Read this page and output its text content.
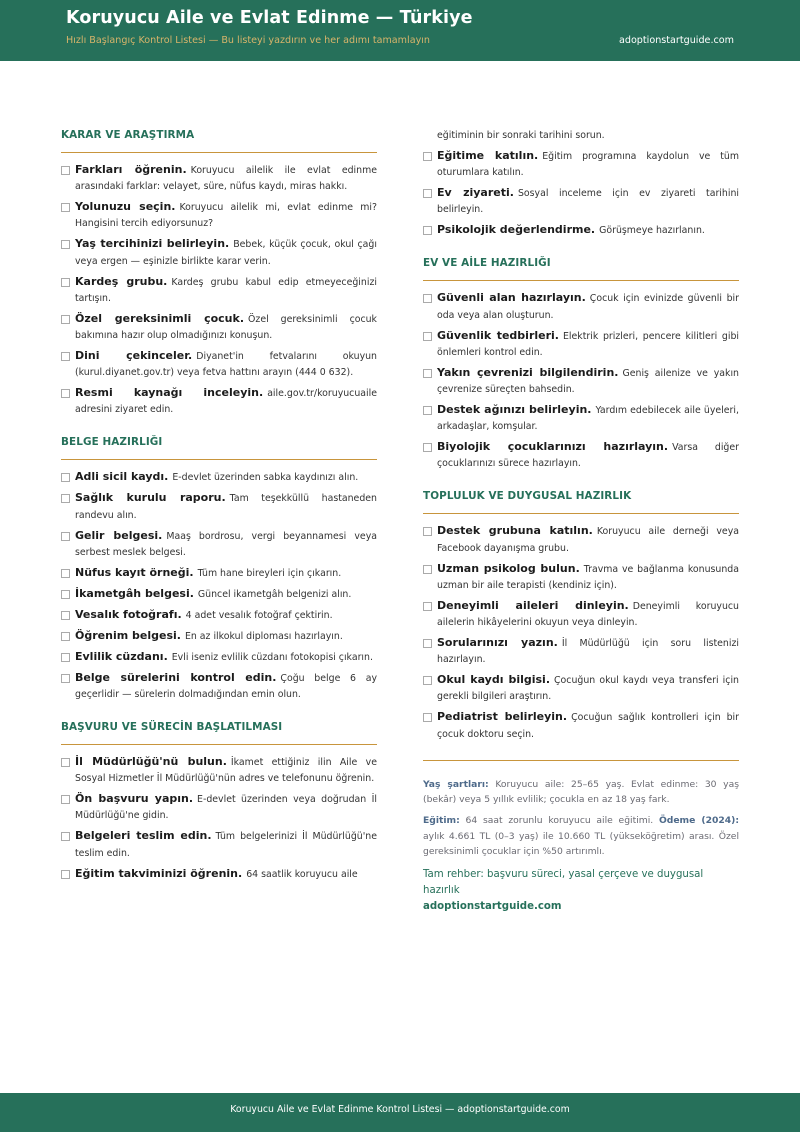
Koruyucu Aile ve Evlat Edinme — Türkiye
Hızlı Başlangıç Kontrol Listesi — Bu listeyi yazdırın ve her adımı tamamlayın	adoptionstartguide.com
KARAR VE ARAŞTIRMA
Farkları öğrenin. Koruyucu ailelik ile evlat edinme arasındaki farklar: velayet, süre, nüfus kaydı, miras hakkı.
Yolunuzu seçin. Koruyucu ailelik mi, evlat edinme mi? Hangisini tercih ediyorsunuz?
Yaş tercihinizi belirleyin. Bebek, küçük çocuk, okul çağı veya ergen — eşinizle birlikte karar verin.
Kardeş grubu. Kardeş grubu kabul edip etmeyeceğinizi tartışın.
Özel gereksinimli çocuk. Özel gereksinimli çocuk bakımına hazır olup olmadığınızı konuşun.
Dini çekinceler. Diyanet'in fetvalarını okuyun (kurul.diyanet.gov.tr) veya fetva hattını arayın (444 0 632).
Resmi kaynağı inceleyin. aile.gov.tr/koruyucuaile adresini ziyaret edin.
BELGE HAZIRLIĞI
Adli sicil kaydı. E-devlet üzerinden sabka kaydınızı alın.
Sağlık kurulu raporu. Tam teşekküllü hastaneden randevu alın.
Gelir belgesi. Maaş bordrosu, vergi beyannamesi veya serbest meslek belgesi.
Nüfus kayıt örneği. Tüm hane bireyleri için çıkarın.
İkametgâh belgesi. Güncel ikametgâh belgenizi alın.
Vesalık fotoğrafı. 4 adet vesalık fotoğraf çektirin.
Öğrenim belgesi. En az ilkokul diploması hazırlayın.
Evlilik cüzdanı. Evli iseniz evlilik cüzdanı fotokopisi çıkarın.
Belge sürelerini kontrol edin. Çoğu belge 6 ay geçerlidir — sürelerin dolmadığından emin olun.
BAŞVURU VE SÜRECİN BAŞLATILMASI
İl Müdürlüğü'nü bulun. İkamet ettiğiniz ilin Aile ve Sosyal Hizmetler İl Müdürlüğü'nün adres ve telefonunu öğrenin.
Ön başvuru yapın. E-devlet üzerinden veya doğrudan İl Müdürlüğü'ne gidin.
Belgeleri teslim edin. Tüm belgelerinizi İl Müdürlüğü'ne teslim edin.
Eğitim takviminizi öğrenin. 64 saatlik koruyucu aile
eğitiminin bir sonraki tarihini sorun.
Eğitime katılın. Eğitim programına kaydolun ve tüm oturumlara katılın.
Ev ziyareti. Sosyal inceleme için ev ziyareti tarihini belirleyin.
Psikolojik değerlendirme. Görüşmeye hazırlanın.
EV VE AİLE HAZIRLIĞI
Güvenli alan hazırlayın. Çocuk için evinizde güvenli bir oda veya alan oluşturun.
Güvenlik tedbirleri. Elektrik prizleri, pencere kilitleri gibi önlemleri kontrol edin.
Yakın çevrenizi bilgilendirin. Geniş ailenize ve yakın çevrenize süreçten bahsedin.
Destek ağınızı belirleyin. Yardım edebilecek aile üyeleri, arkadaşlar, komşular.
Biyolojik çocuklarınızı hazırlayın. Varsa diğer çocuklarınızı sürece hazırlayın.
TOPLULUK VE DUYGUSAL HAZIRLIK
Destek grubuna katılın. Koruyucu aile derneği veya Facebook dayanışma grubu.
Uzman psikolog bulun. Travma ve bağlanma konusunda uzman bir aile terapisti (kendiniz için).
Deneyimli aileleri dinleyin. Deneyimli koruyucu ailelerin hikâyelerini okuyun veya dinleyin.
Sorularınızı yazın. İl Müdürlüğü için soru listenizi hazırlayın.
Okul kaydı bilgisi. Çocuğun okul kaydı veya transferi için gerekli bilgileri araştırın.
Pediatrist belirleyin. Çocuğun sağlık kontrolleri için bir çocuk doktoru seçin.

Yaş şartları: Koruyucu aile: 25–65 yaş. Evlat edinme: 30 yaş (bekâr) veya 5 yıllık evlilik; çocukla en az 18 yaş fark.

Eğitim: 64 saat zorunlu koruyucu aile eğitimi. Ödeme (2024): aylık 4.661 TL (0–3 yaş) ile 10.660 TL (yükseköğretim) arası. Özel gereksinimli çocuklar için %50 artırımlı.

Tam rehber: başvuru süreci, yasal çerçeve ve duygusal hazırlık
adoptionstartguide.com
Koruyucu Aile ve Evlat Edinme Kontrol Listesi — adoptionstartguide.com
